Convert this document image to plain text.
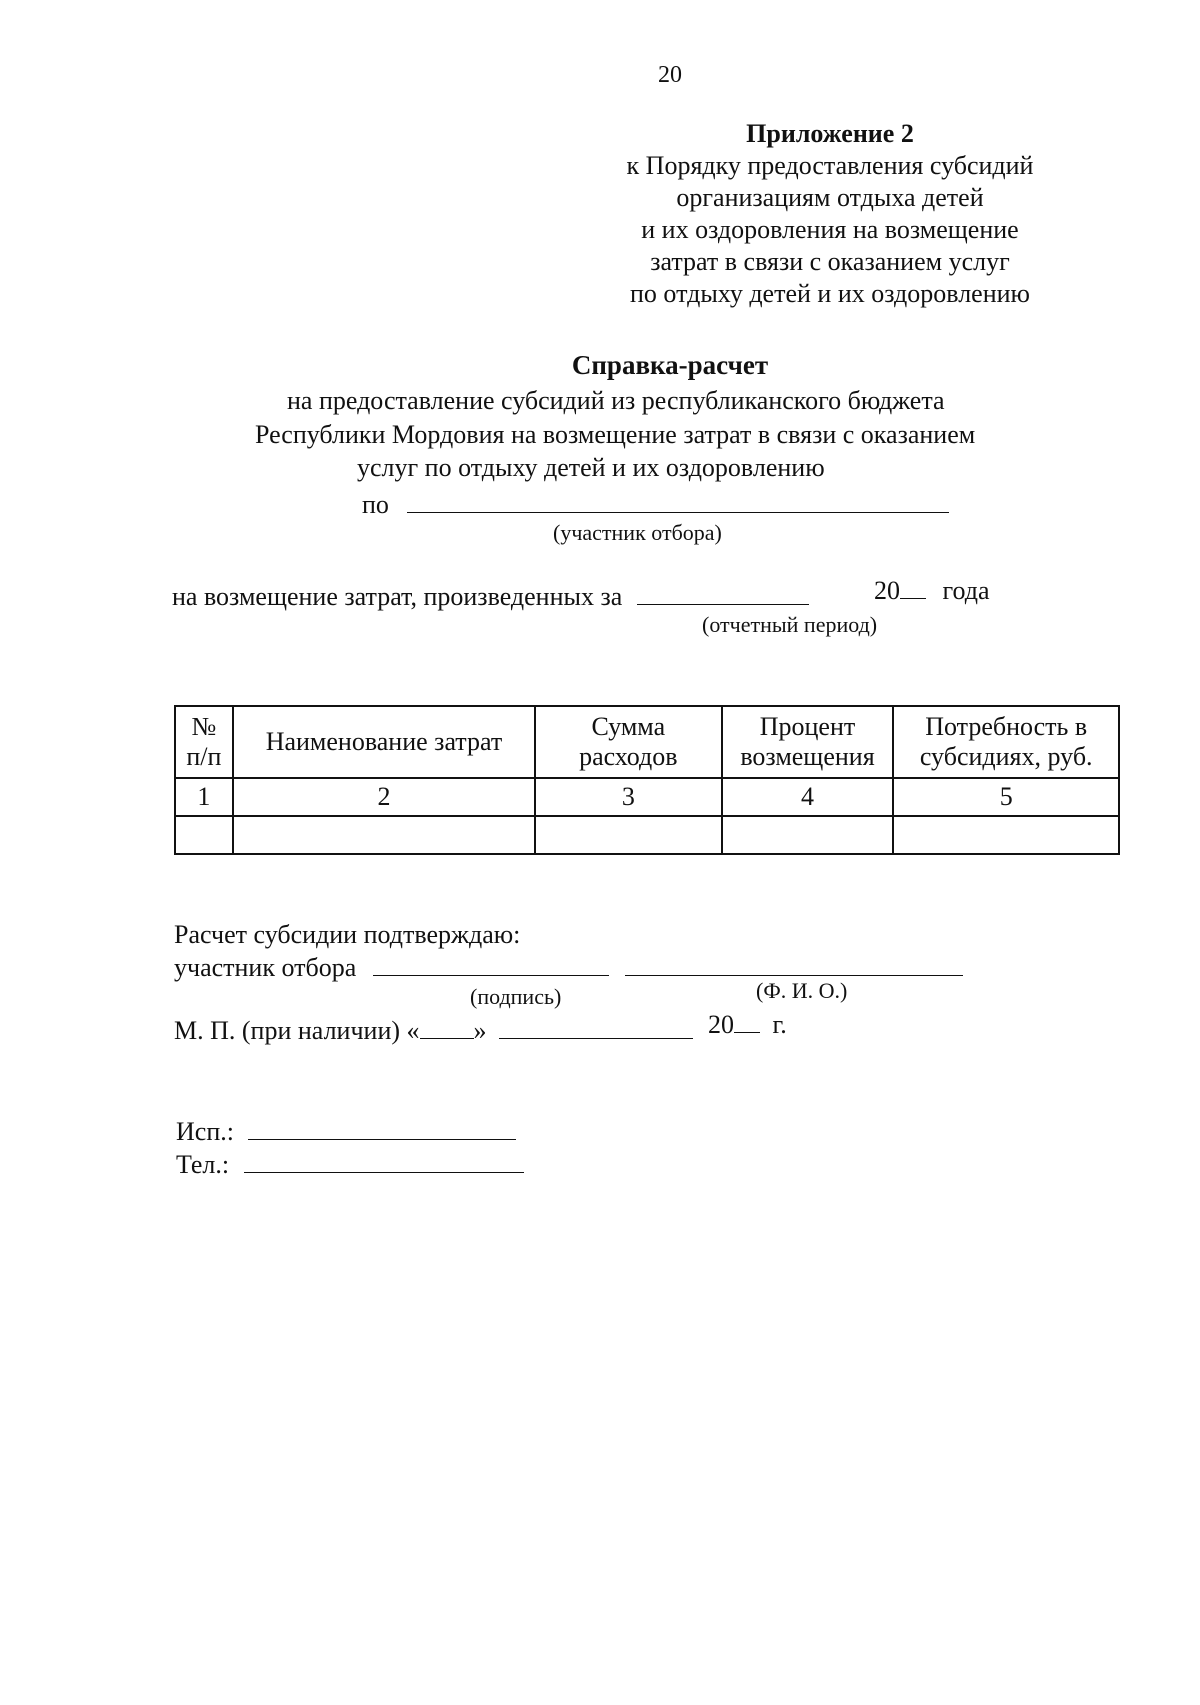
20
Приложение 2
к Порядку предоставления субсидий
организациям отдыха детей
и их оздоровления на возмещение
затрат в связи с оказанием услуг
по отдыху детей и их оздоровлению
Справка-расчет
на предоставление субсидий из республиканского бюджета
Республики Мордовия на возмещение затрат в связи с оказанием
услуг по отдыху детей и их оздоровлению
по
(участник отбора)
на возмещение затрат, произведенных за	20 года
(отчетный период)
№ п/п	Наименование затрат	Сумма расходов	Процент возмещения	Потребность в субсидиях, руб.
1	2	3	4	5

Расчет субсидии подтверждаю:
участник отбора
(подпись)	(Ф. И. О.)
М. П. (при наличии) « »	20 г.
Исп.:
Тел.:
